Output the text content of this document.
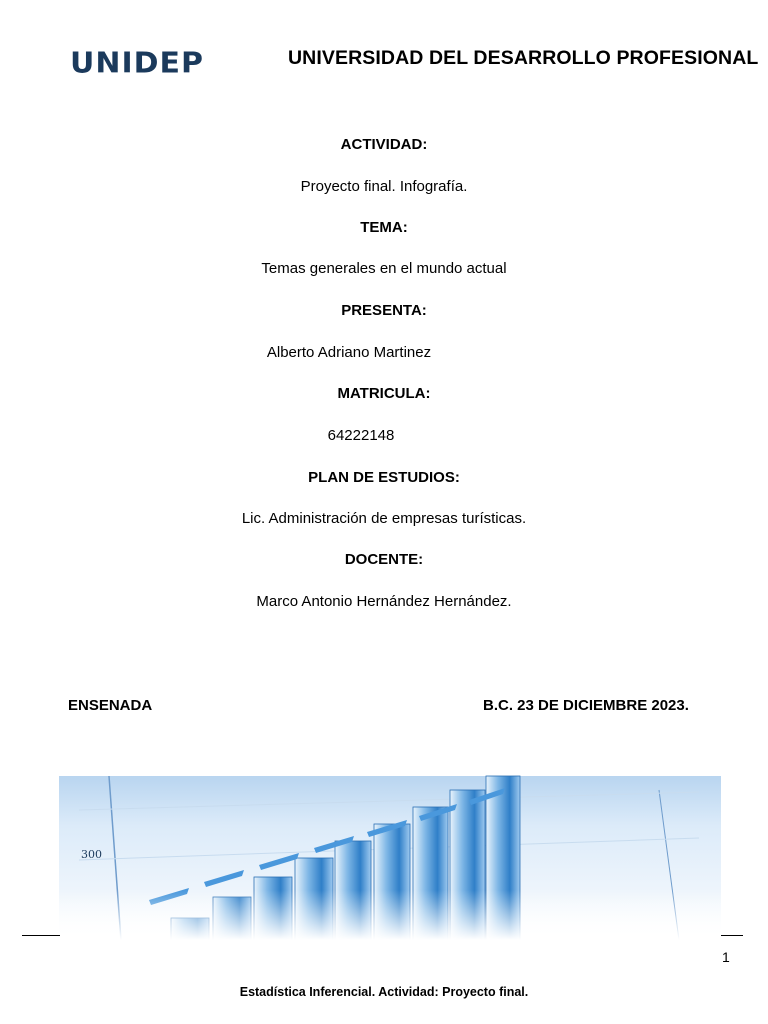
UNIDEP	UNIVERSIDAD DEL DESARROLLO PROFESIONAL
ACTIVIDAD:
Proyecto final. Infografía.
TEMA:
Temas generales en el mundo actual
PRESENTA:
Alberto Adriano Martinez
MATRICULA:
64222148
PLAN DE ESTUDIOS:
Lic. Administración de empresas turísticas.
DOCENTE:
Marco Antonio Hernández Hernández.
ENSENADA	B.C. 23 DE DICIEMBRE 2023.
300
1
Estadística Inferencial. Actividad: Proyecto final.
